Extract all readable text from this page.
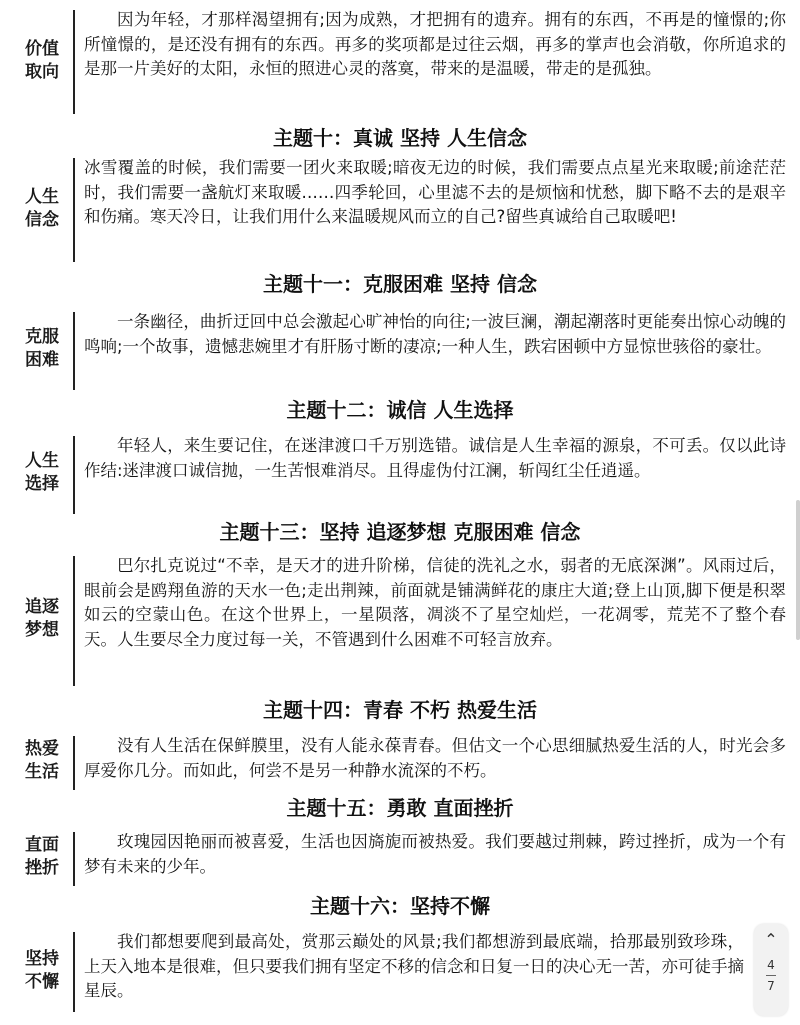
价值
取向
因为年轻，才那样渴望拥有;因为成熟，才把拥有的遗弃。拥有的东西，不再是的憧憬的;你所憧憬的，是还没有拥有的东西。再多的奖项都是过往云烟，再多的掌声也会消敬，你所追求的是那一片美好的太阳，永恒的照进心灵的落寞，带来的是温暖，带走的是孤独。
主题十：真诚 坚持 人生信念
人生
信念
冰雪覆盖的时候，我们需要一团火来取暖;暗夜无边的时候，我们需要点点星光来取暖;前途茫茫时，我们需要一盏航灯来取暖……四季轮回，心里滤不去的是烦恼和忧愁，脚下略不去的是艰辛和伤痛。寒天冷日，让我们用什么来温暖规风而立的自己?留些真诚给自己取暖吧!
主题十一：克服困难 坚持 信念
克服
困难
一条幽径，曲折迂回中总会激起心旷神怡的向往;一波巨澜，潮起潮落时更能奏出惊心动魄的鸣响;一个故事，遗憾悲婉里才有肝肠寸断的凄凉;一种人生，跌宕困顿中方显惊世骇俗的豪壮。
主题十二：诚信 人生选择
人生
选择
年轻人，来生要记住，在迷津渡口千万别选错。诚信是人生幸福的源泉，不可丢。仅以此诗作结:迷津渡口诚信抛，一生苦恨难消尽。且得虚伪付江澜，斩闯红尘任逍遥。
主题十三：坚持 追逐梦想 克服困难 信念
追逐
梦想
巴尔扎克说过“不幸，是天才的进升阶梯，信徒的洗礼之水，弱者的无底深渊”。风雨过后，眼前会是鸥翔鱼游的天水一色;走出荆辣，前面就是铺满鲜花的康庄大道;登上山顶,脚下便是积翠如云的空蒙山色。在这个世界上，一星陨落，凋淡不了星空灿烂，一花凋零，荒芜不了整个春天。人生要尽全力度过每一关，不管遇到什么困难不可轻言放弃。
主题十四：青春 不朽 热爱生活
热爱
生活
没有人生活在保鲜膜里，没有人能永葆青春。但估文一个心思细腻热爱生活的人，时光会多厚爱你几分。而如此，何尝不是另一种静水流深的不朽。
主题十五：勇敢 直面挫折
直面
挫折
玫瑰园因艳丽而被喜爱，生活也因旖旎而被热爱。我们要越过荆棘，跨过挫折，成为一个有梦有未来的少年。
主题十六：坚持不懈
坚持
不懈
我们都想要爬到最高处，赏那云巅处的风景;我们都想游到最底端，拾那最别致珍珠，上天入地本是很难，但只要我们拥有坚定不移的信念和日复一日的决心无一苦，亦可徒手摘星辰。
⌃
4
7
